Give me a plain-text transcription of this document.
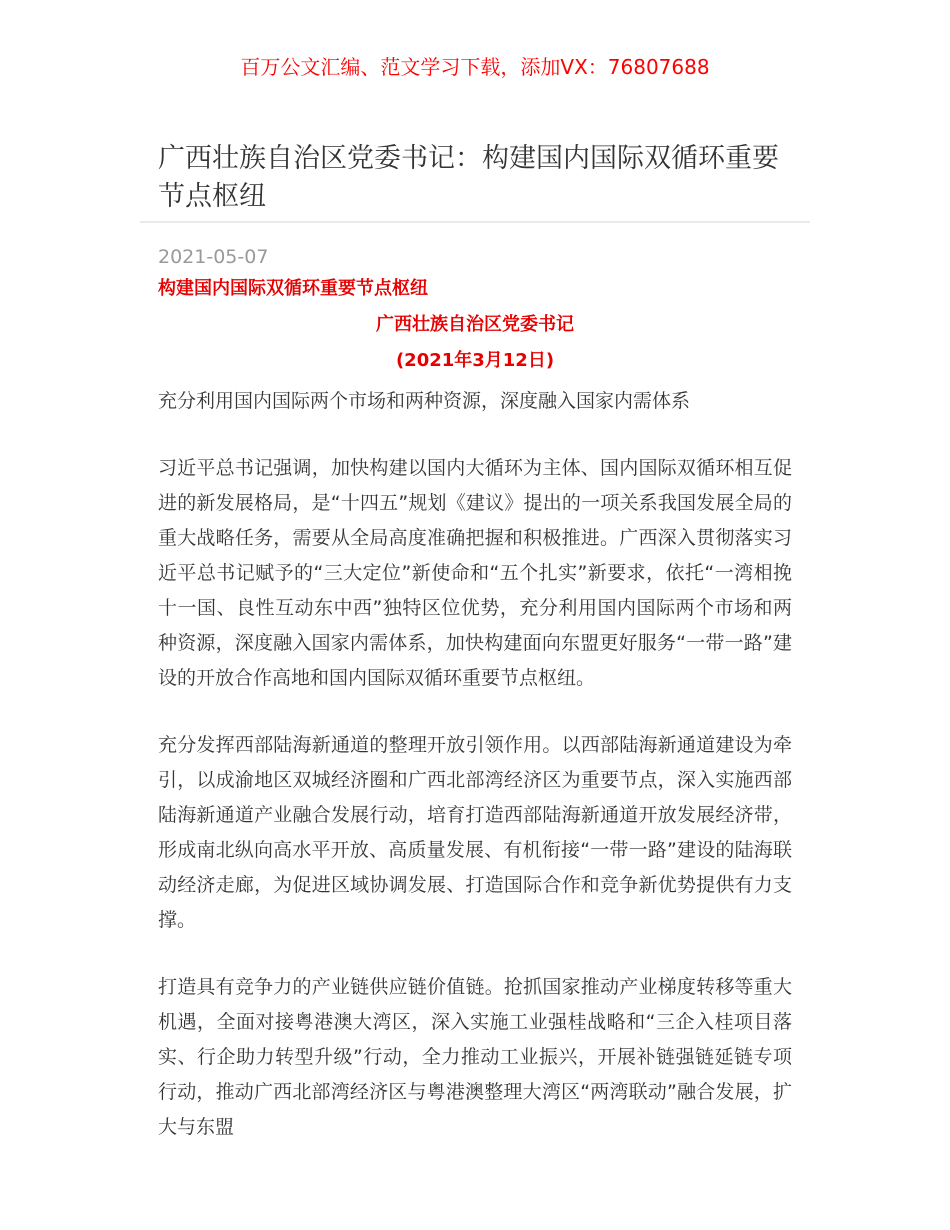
百万公文汇编、范文学习下载，添加VX：76807688
广西壮族自治区党委书记：构建国内国际双循环重要节点枢纽
2021-05-07
构建国内国际双循环重要节点枢纽
广西壮族自治区党委书记
(2021年3月12日)
充分利用国内国际两个市场和两种资源，深度融入国家内需体系

习近平总书记强调，加快构建以国内大循环为主体、国内国际双循环相互促进的新发展格局，是“十四五”规划《建议》提出的一项关系我国发展全局的重大战略任务，需要从全局高度准确把握和积极推进。广西深入贯彻落实习近平总书记赋予的“三大定位”新使命和“五个扎实”新要求，依托“一湾相挽十一国、良性互动东中西”独特区位优势，充分利用国内国际两个市场和两种资源，深度融入国家内需体系，加快构建面向东盟更好服务“一带一路”建设的开放合作高地和国内国际双循环重要节点枢纽。

充分发挥西部陆海新通道的整理开放引领作用。以西部陆海新通道建设为牵引，以成渝地区双城经济圈和广西北部湾经济区为重要节点，深入实施西部陆海新通道产业融合发展行动，培育打造西部陆海新通道开放发展经济带，形成南北纵向高水平开放、高质量发展、有机衔接“一带一路”建设的陆海联动经济走廊，为促进区域协调发展、打造国际合作和竞争新优势提供有力支撑。

打造具有竞争力的产业链供应链价值链。抢抓国家推动产业梯度转移等重大机遇，全面对接粤港澳大湾区，深入实施工业强桂战略和“三企入桂项目落实、行企助力转型升级”行动，全力推动工业振兴，开展补链强链延链专项行动，推动广西北部湾经济区与粤港澳整理大湾区“两湾联动”融合发展，扩大与东盟
